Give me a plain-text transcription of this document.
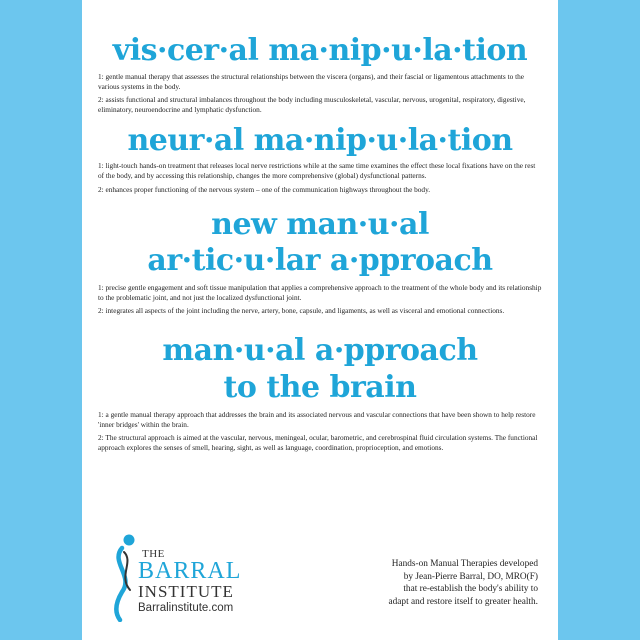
vis·cer·al ma·nip·u·la·tion

1: gentle manual therapy that assesses the structural relationships between the viscera (organs), and their fascial or ligamentous attachments to the various systems in the body.

2: assists functional and structural imbalances throughout the body including musculoskeletal, vascular, nervous, urogenital, respiratory, digestive, eliminatory, neuroendocrine and lymphatic dysfunction.

neur·al ma·nip·u·la·tion

1: light-touch hands-on treatment that releases local nerve restrictions while at the same time examines the effect these local fixations have on the rest of the body, and by accessing this relationship, changes the more comprehensive (global) dysfunctional patterns.

2: enhances proper functioning of the nervous system – one of the communication highways throughout the body.

new man·u·al
ar·tic·u·lar a·pproach

1: precise gentle engagement and soft tissue manipulation that applies a comprehensive approach to the treatment of the whole body and its relationship to the problematic joint, and not just the localized dysfunctional joint.

2: integrates all aspects of the joint including the nerve, artery, bone, capsule, and ligaments, as well as visceral and emotional connections.

man·u·al a·pproach
to the brain

1: a gentle manual therapy approach that addresses the brain and its associated nervous and vascular connections that have been shown to help restore 'inner bridges' within the brain.

2: The structural approach is aimed at the vascular, nervous, meningeal, ocular, barometric, and cerebrospinal fluid circulation systems. The functional approach explores the senses of smell, hearing, sight, as well as language, coordination, proprioception, and emotions.

THE
BARRAL
INSTITUTE
Barralinstitute.com
Hands-on Manual Therapies developed
by Jean-Pierre Barral, DO, MRO(F)
that re-establish the body's ability to
adapt and restore itself to greater health.
